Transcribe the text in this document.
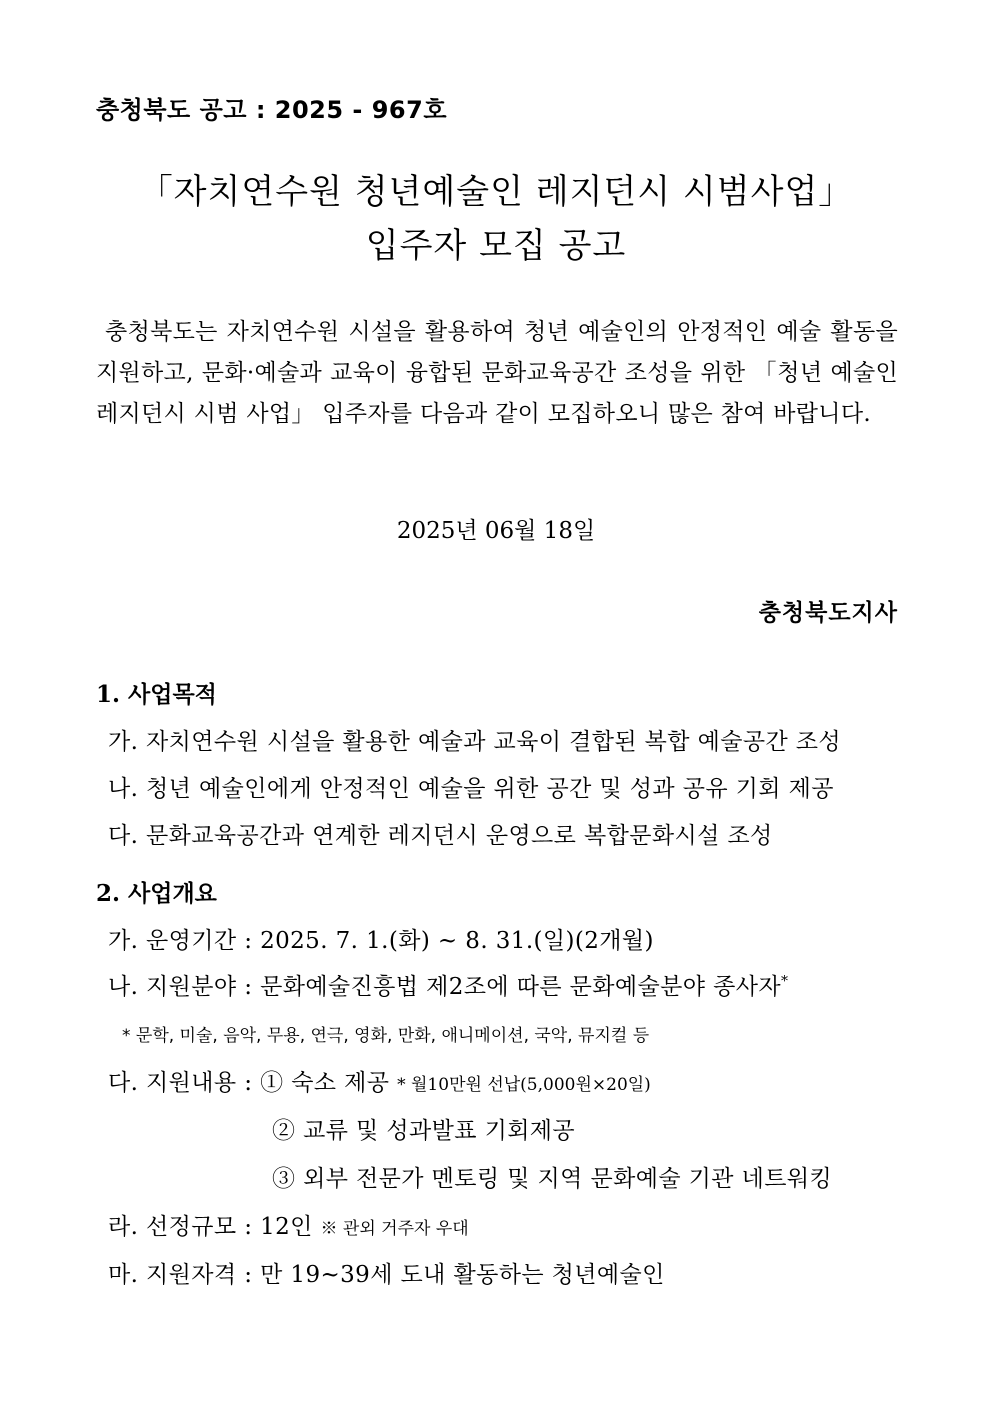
충청북도 공고 : 2025 - 967호
「자치연수원 청년예술인 레지던시 시범사업」
입주자 모집 공고
충청북도는 자치연수원 시설을 활용하여 청년 예술인의 안정적인 예술 활동을 지원하고, 문화·예술과 교육이 융합된 문화교육공간 조성을 위한 「청년 예술인 레지던시 시범 사업」 입주자를 다음과 같이 모집하오니 많은 참여 바랍니다.
2025년 06월 18일
충청북도지사
1. 사업목적
가. 자치연수원 시설을 활용한 예술과 교육이 결합된 복합 예술공간 조성
나. 청년 예술인에게 안정적인 예술을 위한 공간 및 성과 공유 기회 제공
다. 문화교육공간과 연계한 레지던시 운영으로 복합문화시설 조성
2. 사업개요
가. 운영기간 : 2025. 7. 1.(화) ~ 8. 31.(일)(2개월)
나. 지원분야 : 문화예술진흥법 제2조에 따른 문화예술분야 종사자*
* 문학, 미술, 음악, 무용, 연극, 영화, 만화, 애니메이션, 국악, 뮤지컬 등
다. 지원내용 : ① 숙소 제공 * 월10만원 선납(5,000원×20일)
② 교류 및 성과발표 기회제공
③ 외부 전문가 멘토링 및 지역 문화예술 기관 네트워킹
라. 선정규모 : 12인 ※ 관외 거주자 우대
마. 지원자격 : 만 19~39세 도내 활동하는 청년예술인
